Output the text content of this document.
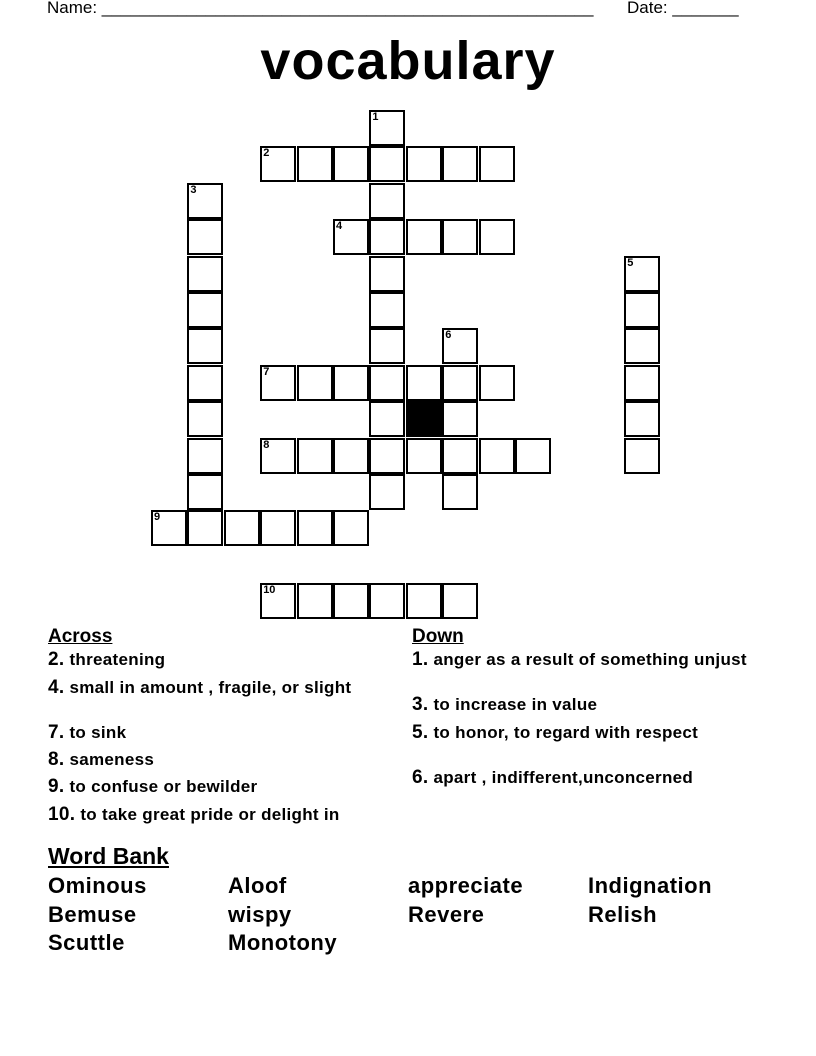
Name: ____________________________________________________ Date: _______
vocabulary
1
2
3
4
5
6
7
8
9
10
Across	Down
2. threatening
4. small in amount , fragile, or slight
7. to sink
8. sameness
9. to confuse or bewilder
10. to take great pride or delight in
1. anger as a result of something unjust
3. to increase in value
5. to honor, to regard with respect
6. apart , indifferent,unconcerned
Word Bank
Ominous	Aloof	appreciate	Indignation
Bemuse	wispy	Revere	Relish
Scuttle	Monotony
